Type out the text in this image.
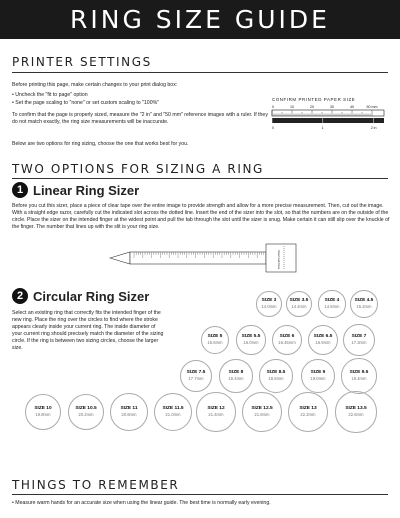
RING SIZE GUIDE
PRINTER SETTINGS
Before printing this page, make certain changes to your print dialog box:
• Uncheck the "fit to page" option
• Set the page scaling to "none" or set custom scaling to "100%"
To confirm that the page is properly sized, measure the "2 in" and "50 mm" reference images with a ruler. If they do not match exactly, the ring size measurements will be inaccurate.
Below are two options for ring sizing, choose the one that works best for you.
CONFIRM PRINTED PAPER SIZE
0	10	20	30	40	50 mm
0	1	2 in
TWO OPTIONS FOR SIZING A RING
1 Linear Ring Sizer
Before you cut this sizer, place a piece of clear tape over the entire image to provide strength and allow for a more precise measurement. Then, cut out the image. With a straight edge razor, carefully cut the indicated slot across the dotted line. Insert the end of the sizer into the slot, so that the numbers are on the outside of the circle. Place the sizer on the intended finger at the widest point and pull the tab through the slot until the sizer is snug. Make certain it can still slip over the knuckle of the finger. The number that lines up with the slit is your ring size.
Insert tab here
2 Circular Ring Sizer
Select an existing ring that correctly fits the intended finger of the new ring. Place the ring over the circles to find where the stroke appears clearly inside your current ring. The inside diameter of your current ring should precisely match the diameter of the sizing circle. If the ring is between two sizing circles, choose the larger size.
SIZE 3
14.0mm
SIZE 3.5
14.4mm
SIZE 4
14.8mm
SIZE 4.5
15.2mm
SIZE 5
15.6mm
SIZE 5.5
16.0mm
SIZE 6
16.45mm
SIZE 6.5
16.9mm
SIZE 7
17.3mm
SIZE 7.5
17.7mm
SIZE 8
18.4mm
SIZE 8.5
18.8mm
SIZE 9
19.0mm
SIZE 9.5
19.4mm
SIZE 10
19.8mm
SIZE 10.5
20.2mm
SIZE 11
20.6mm
SIZE 11.5
21.0mm
SIZE 12
21.4mm
SIZE 12.5
21.8mm
SIZE 13
22.2mm
SIZE 13.5
22.6mm
THINGS TO REMEMBER
• Measure warm hands for an accurate size when using the linear guide. The best time is normally early evening.
